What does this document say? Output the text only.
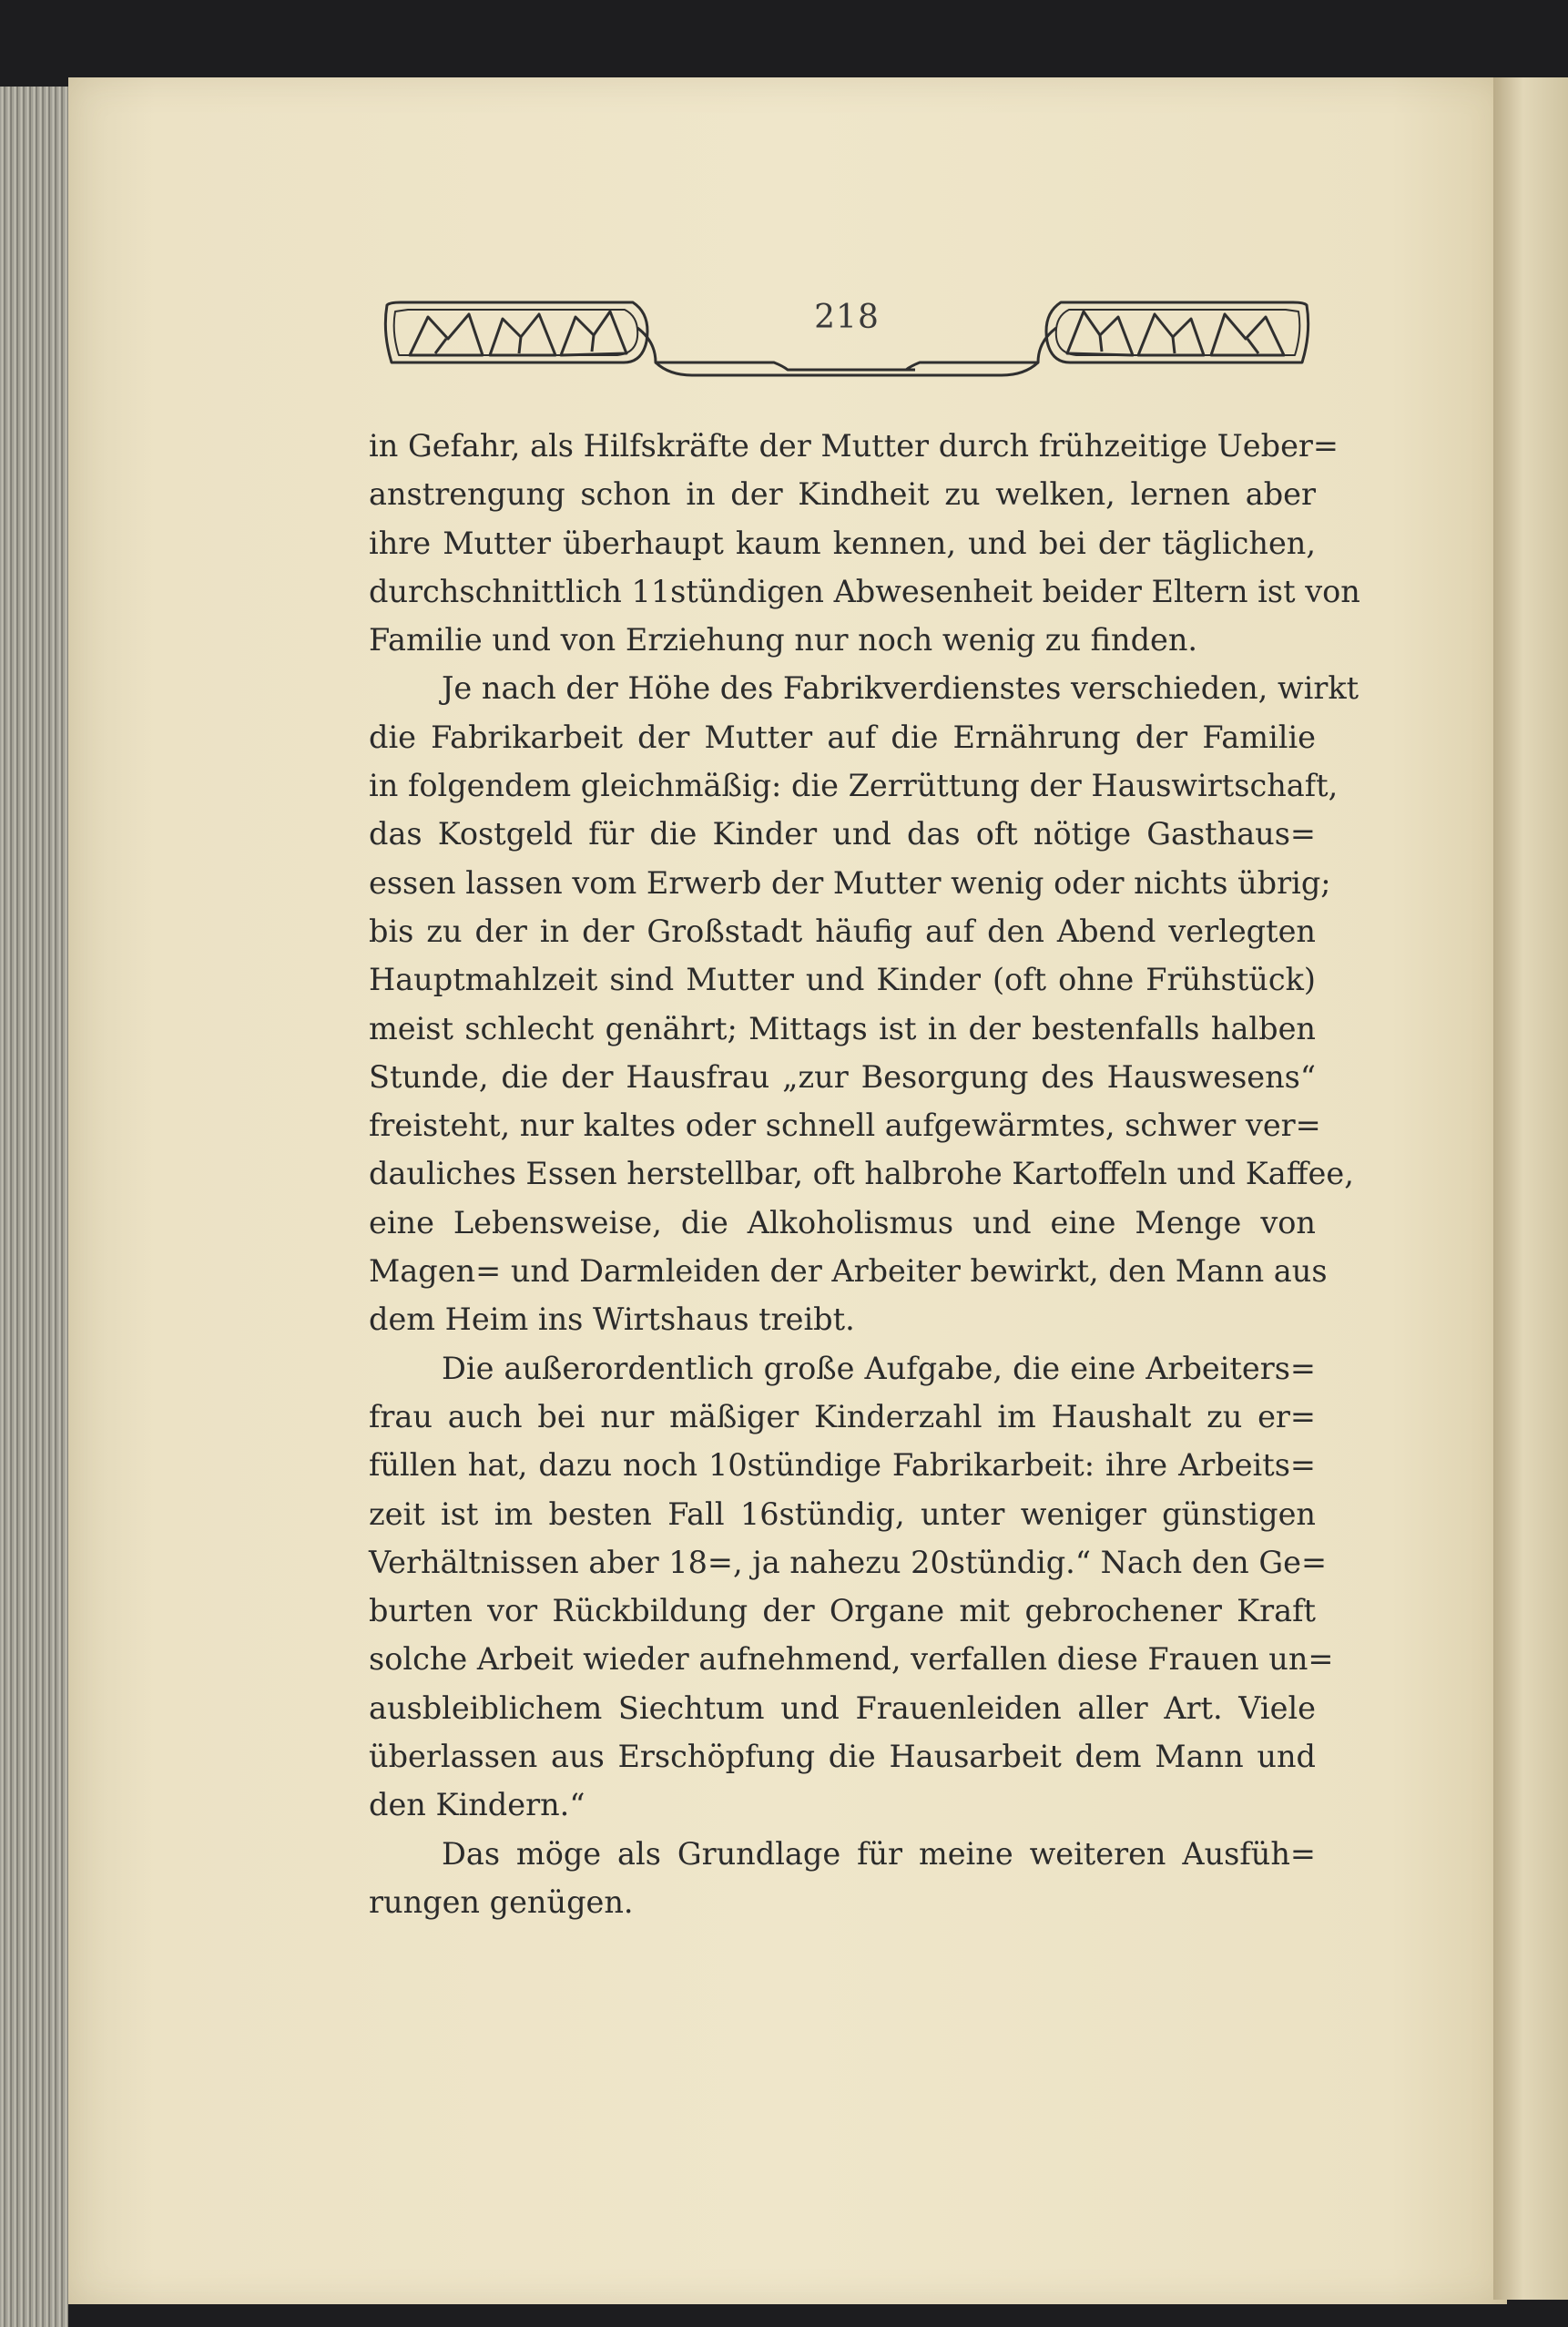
218
in Gefahr, als Hilfskräfte der Mutter durch frühzeitige Ueber=
anstrengung schon in der Kindheit zu welken, lernen aber
ihre Mutter überhaupt kaum kennen, und bei der täglichen,
durchschnittlich 11stündigen Abwesenheit beider Eltern ist von
Familie und von Erziehung nur noch wenig zu finden.
Je nach der Höhe des Fabrikverdienstes verschieden, wirkt
die Fabrikarbeit der Mutter auf die Ernährung der Familie
in folgendem gleichmäßig: die Zerrüttung der Hauswirtschaft,
das Kostgeld für die Kinder und das oft nötige Gasthaus=
essen lassen vom Erwerb der Mutter wenig oder nichts übrig;
bis zu der in der Großstadt häufig auf den Abend verlegten
Hauptmahlzeit sind Mutter und Kinder (oft ohne Frühstück)
meist schlecht genährt; Mittags ist in der bestenfalls halben
Stunde, die der Hausfrau „zur Besorgung des Hauswesens“
freisteht, nur kaltes oder schnell aufgewärmtes, schwer ver=
dauliches Essen herstellbar, oft halbrohe Kartoffeln und Kaffee,
eine Lebensweise, die Alkoholismus und eine Menge von
Magen= und Darmleiden der Arbeiter bewirkt, den Mann aus
dem Heim ins Wirtshaus treibt.
Die außerordentlich große Aufgabe, die eine Arbeiters=
frau auch bei nur mäßiger Kinderzahl im Haushalt zu er=
füllen hat, dazu noch 10stündige Fabrikarbeit: ihre Arbeits=
zeit ist im besten Fall 16stündig, unter weniger günstigen
Verhältnissen aber 18=, ja nahezu 20stündig.“ Nach den Ge=
burten vor Rückbildung der Organe mit gebrochener Kraft
solche Arbeit wieder aufnehmend, verfallen diese Frauen un=
ausbleiblichem Siechtum und Frauenleiden aller Art. Viele
überlassen aus Erschöpfung die Hausarbeit dem Mann und
den Kindern.“
Das möge als Grundlage für meine weiteren Ausfüh=
rungen genügen.
